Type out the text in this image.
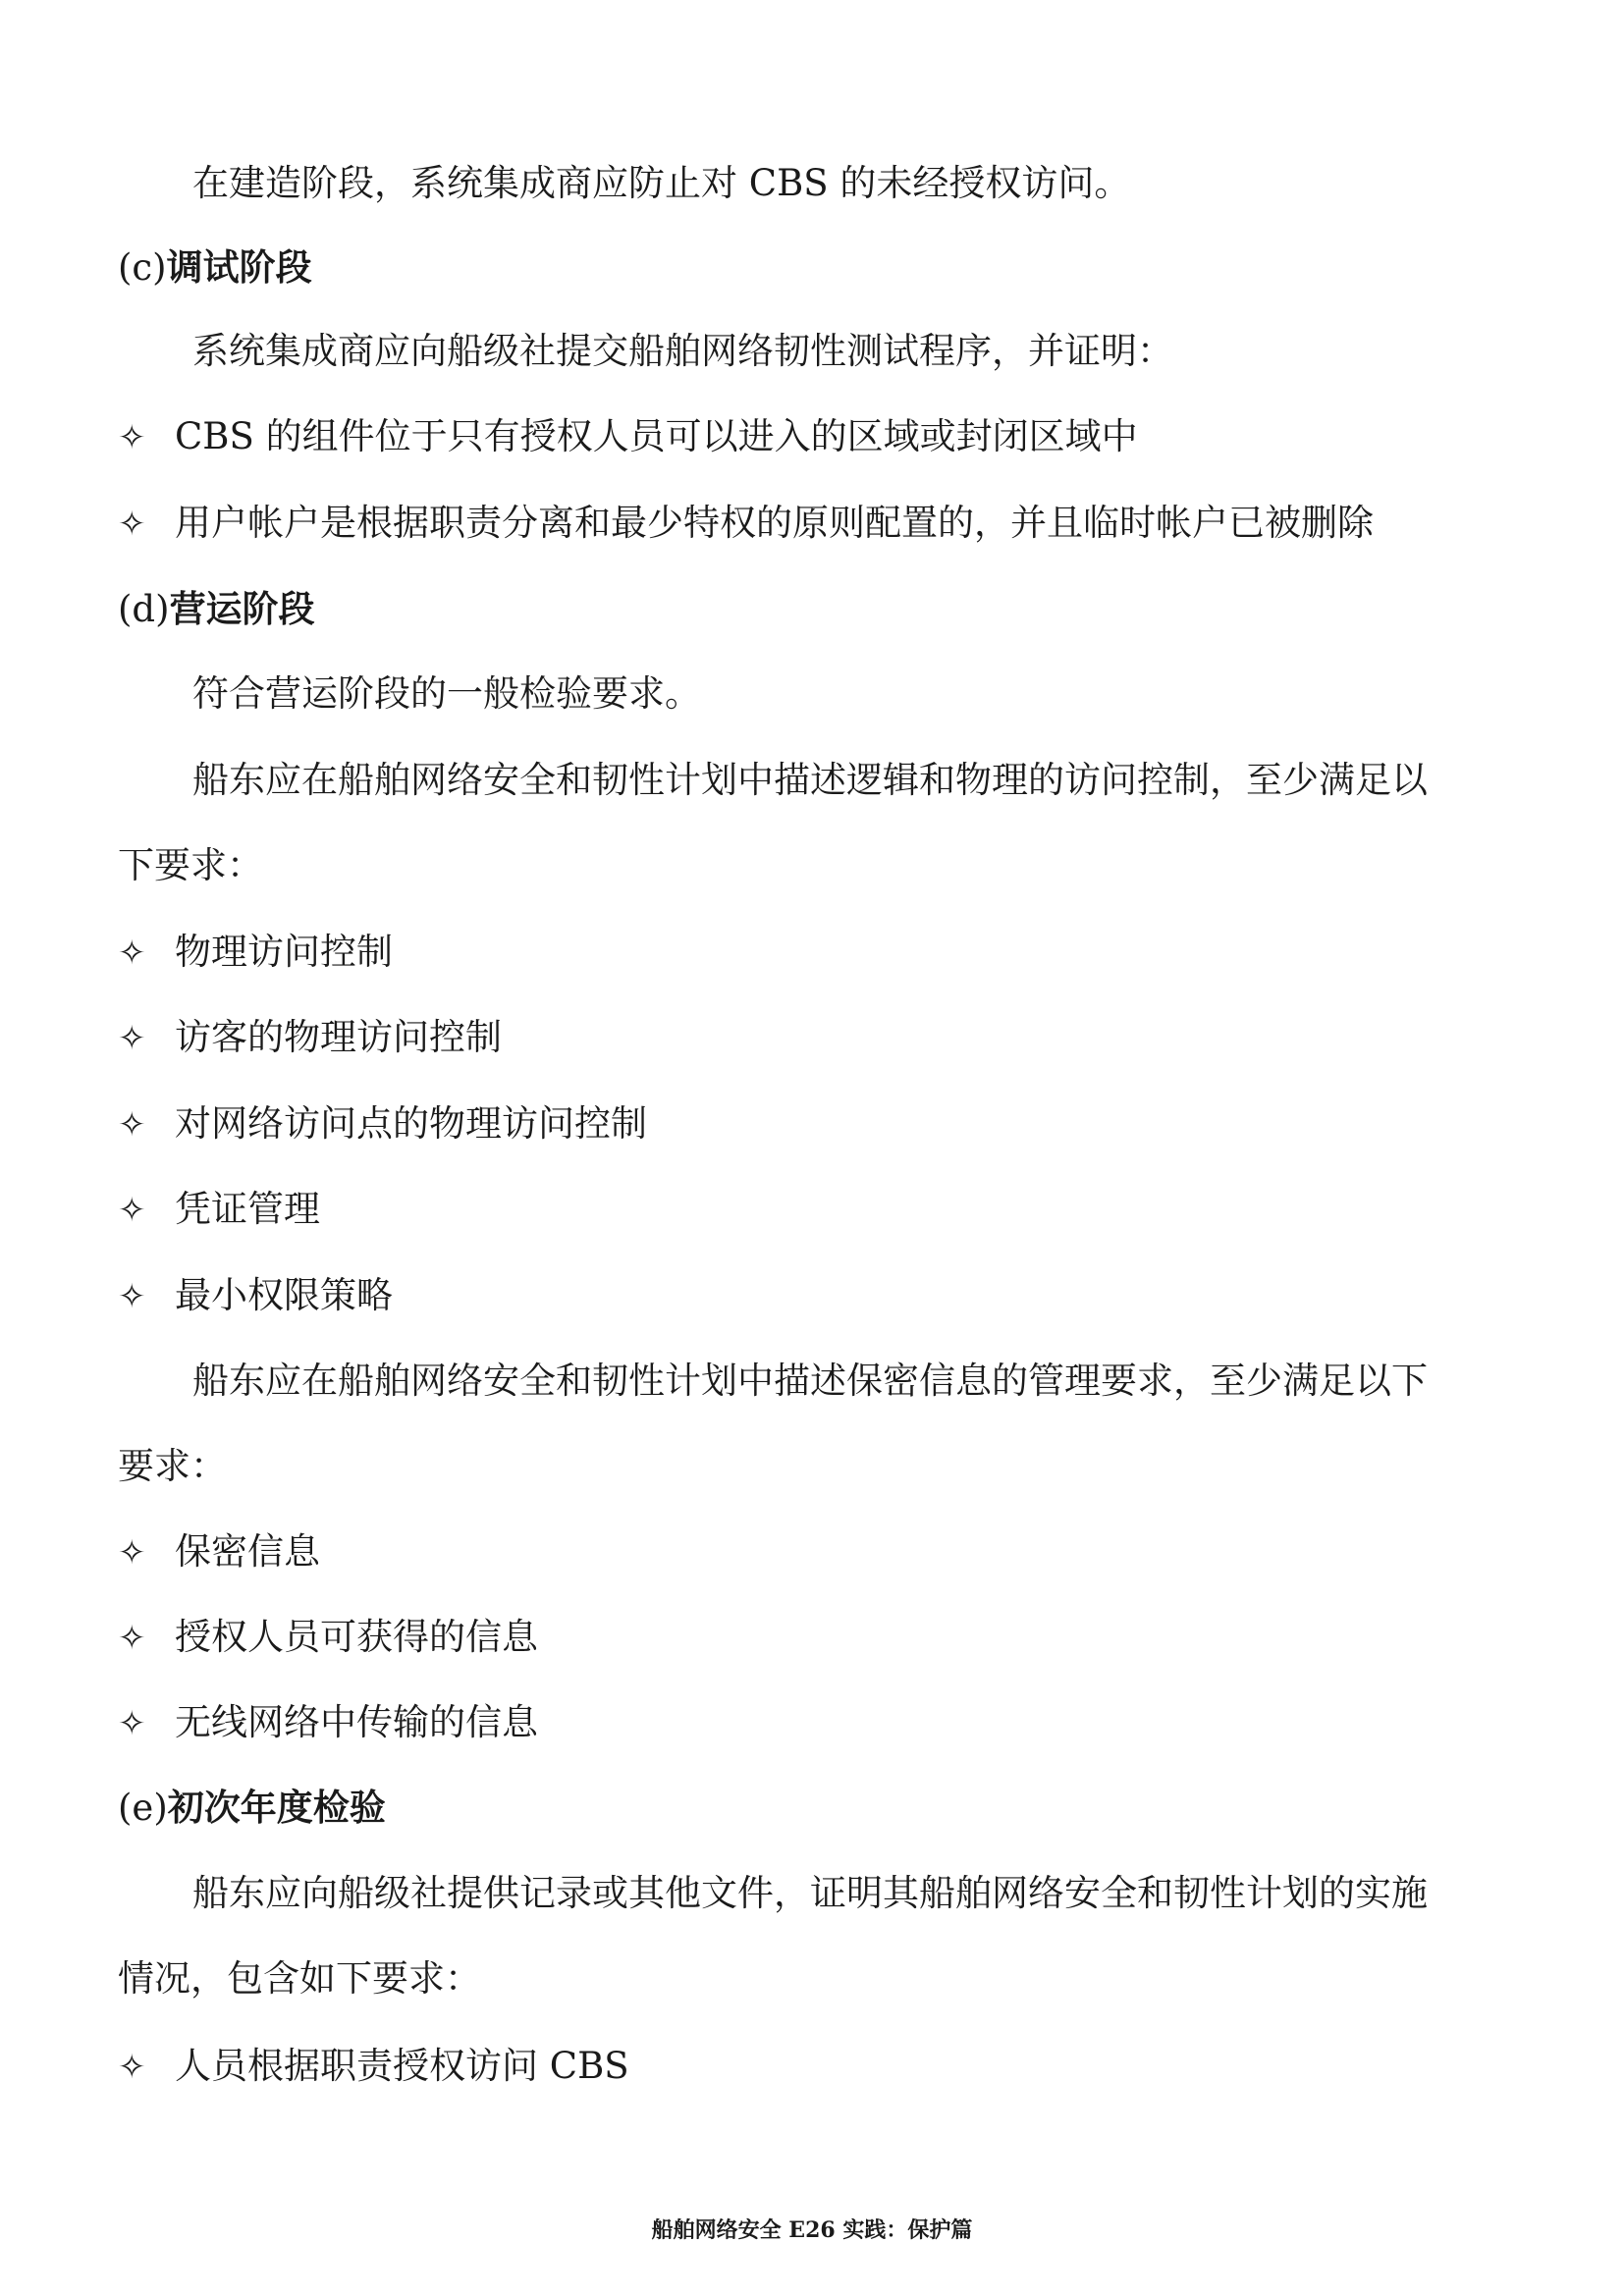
在建造阶段，系统集成商应防止对 CBS 的未经授权访问。
(c)调试阶段
系统集成商应向船级社提交船舶网络韧性测试程序，并证明：
✧ CBS 的组件位于只有授权人员可以进入的区域或封闭区域中
✧ 用户帐户是根据职责分离和最少特权的原则配置的，并且临时帐户已被删除
(d)营运阶段
符合营运阶段的一般检验要求。
船东应在船舶网络安全和韧性计划中描述逻辑和物理的访问控制，至少满足以
下要求：
✧ 物理访问控制
✧ 访客的物理访问控制
✧ 对网络访问点的物理访问控制
✧ 凭证管理
✧ 最小权限策略
船东应在船舶网络安全和韧性计划中描述保密信息的管理要求，至少满足以下
要求：
✧ 保密信息
✧ 授权人员可获得的信息
✧ 无线网络中传输的信息
(e)初次年度检验
船东应向船级社提供记录或其他文件，证明其船舶网络安全和韧性计划的实施
情况，包含如下要求：
✧ 人员根据职责授权访问 CBS
船舶网络安全 E26 实践：保护篇
